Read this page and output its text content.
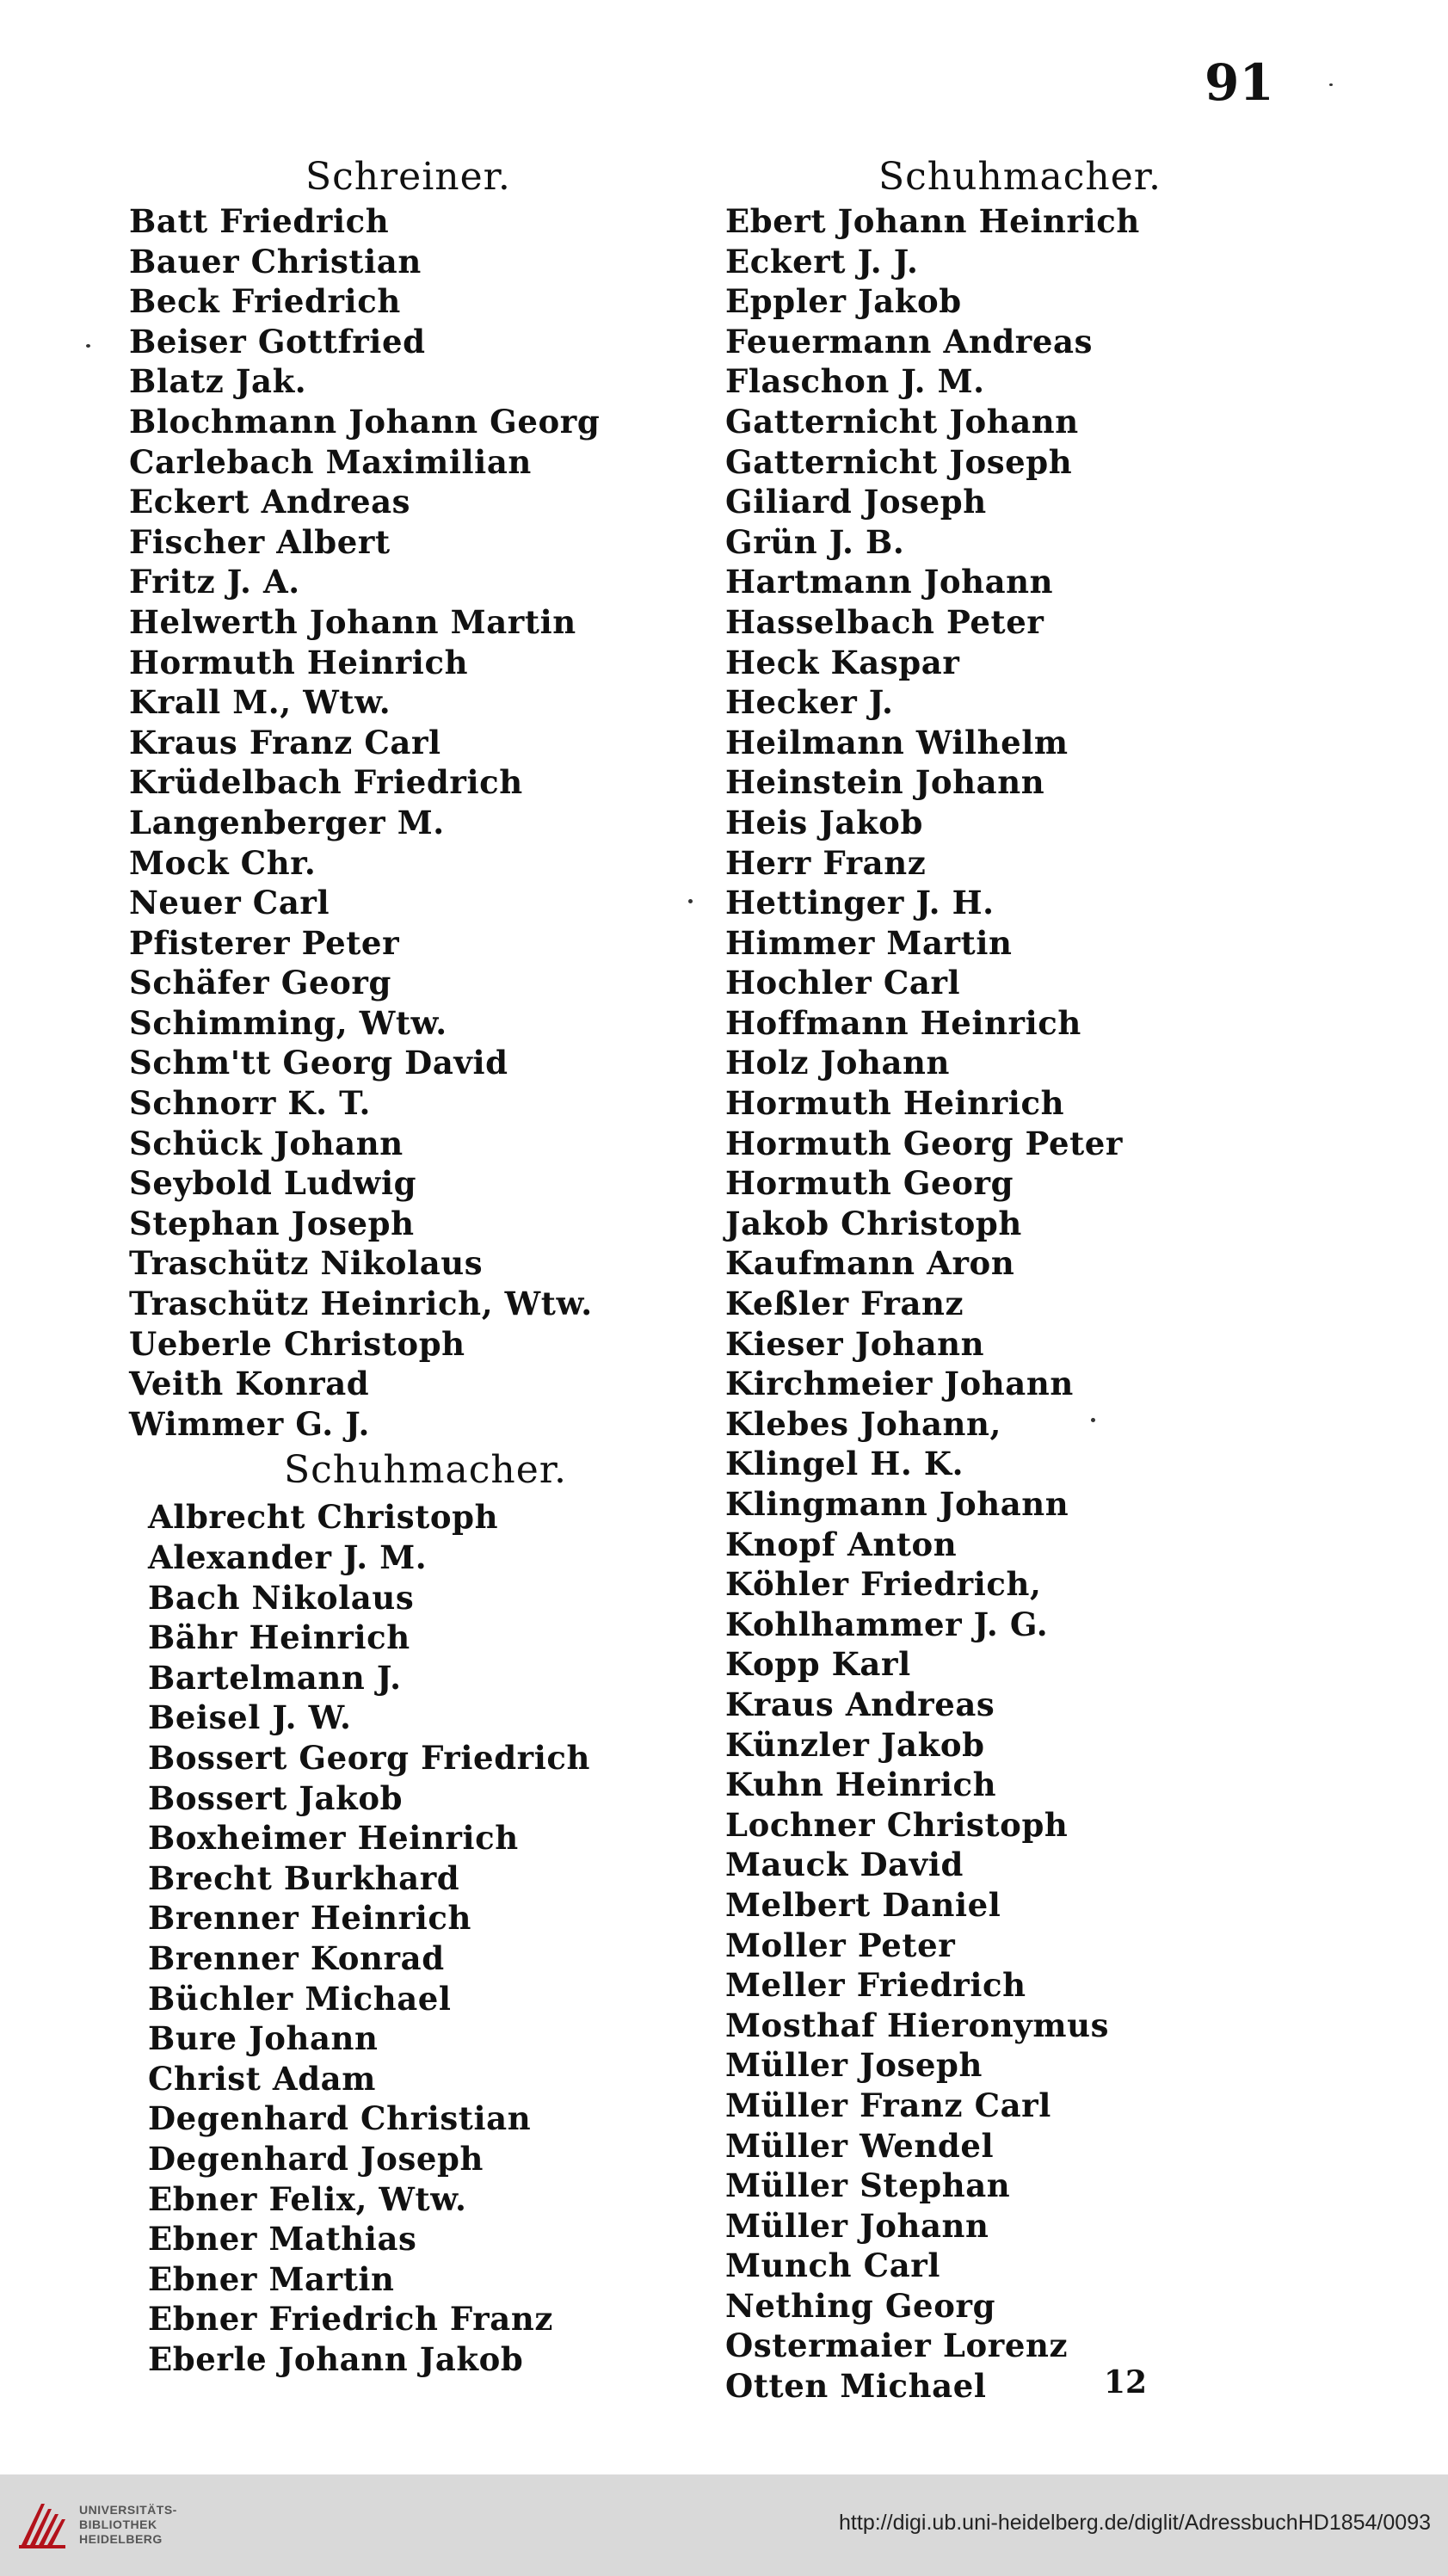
91
Schreiner.
Batt Friedrich
Bauer Christian
Beck Friedrich
Beiser Gottfried
Blatz Jak.
Blochmann Johann Georg
Carlebach Maximilian
Eckert Andreas
Fischer Albert
Fritz J. A.
Helwerth Johann Martin
Hormuth Heinrich
Krall M., Wtw.
Kraus Franz Carl
Krüdelbach Friedrich
Langenberger M.
Mock Chr.
Neuer Carl
Pfisterer Peter
Schäfer Georg
Schimming, Wtw.
Schm'tt Georg David
Schnorr K. T.
Schück Johann
Seybold Ludwig
Stephan Joseph
Traschütz Nikolaus
Traschütz Heinrich, Wtw.
Ueberle Christoph
Veith Konrad
Wimmer G. J.
Schuhmacher.
Albrecht Christoph
Alexander J. M.
Bach Nikolaus
Bähr Heinrich
Bartelmann J.
Beisel J. W.
Bossert Georg Friedrich
Bossert Jakob
Boxheimer Heinrich
Brecht Burkhard
Brenner Heinrich
Brenner Konrad
Büchler Michael
Bure Johann
Christ Adam
Degenhard Christian
Degenhard Joseph
Ebner Felix, Wtw.
Ebner Mathias
Ebner Martin
Ebner Friedrich Franz
Eberle Johann Jakob
Schuhmacher.
Ebert Johann Heinrich
Eckert J. J.
Eppler Jakob
Feuermann Andreas
Flaschon J. M.
Gatternicht Johann
Gatternicht Joseph
Giliard Joseph
Grün J. B.
Hartmann Johann
Hasselbach Peter
Heck Kaspar
Hecker J.
Heilmann Wilhelm
Heinstein Johann
Heis Jakob
Herr Franz
Hettinger J. H.
Himmer Martin
Hochler Carl
Hoffmann Heinrich
Holz Johann
Hormuth Heinrich
Hormuth Georg Peter
Hormuth Georg
Jakob Christoph
Kaufmann Aron
Keßler Franz
Kieser Johann
Kirchmeier Johann
Klebes Johann,
Klingel H. K.
Klingmann Johann
Knopf Anton
Köhler Friedrich,
Kohlhammer J. G.
Kopp Karl
Kraus Andreas
Künzler Jakob
Kuhn Heinrich
Lochner Christoph
Mauck David
Melbert Daniel
Moller Peter
Meller Friedrich
Mosthaf Hieronymus
Müller Joseph
Müller Franz Carl
Müller Wendel
Müller Stephan
Müller Johann
Munch Carl
Nething Georg
Ostermaier Lorenz
Otten Michael	12
UNIVERSITÄTS-
BIBLIOTHEK
HEIDELBERG
http://digi.ub.uni-heidelberg.de/diglit/AdressbuchHD1854/0093
